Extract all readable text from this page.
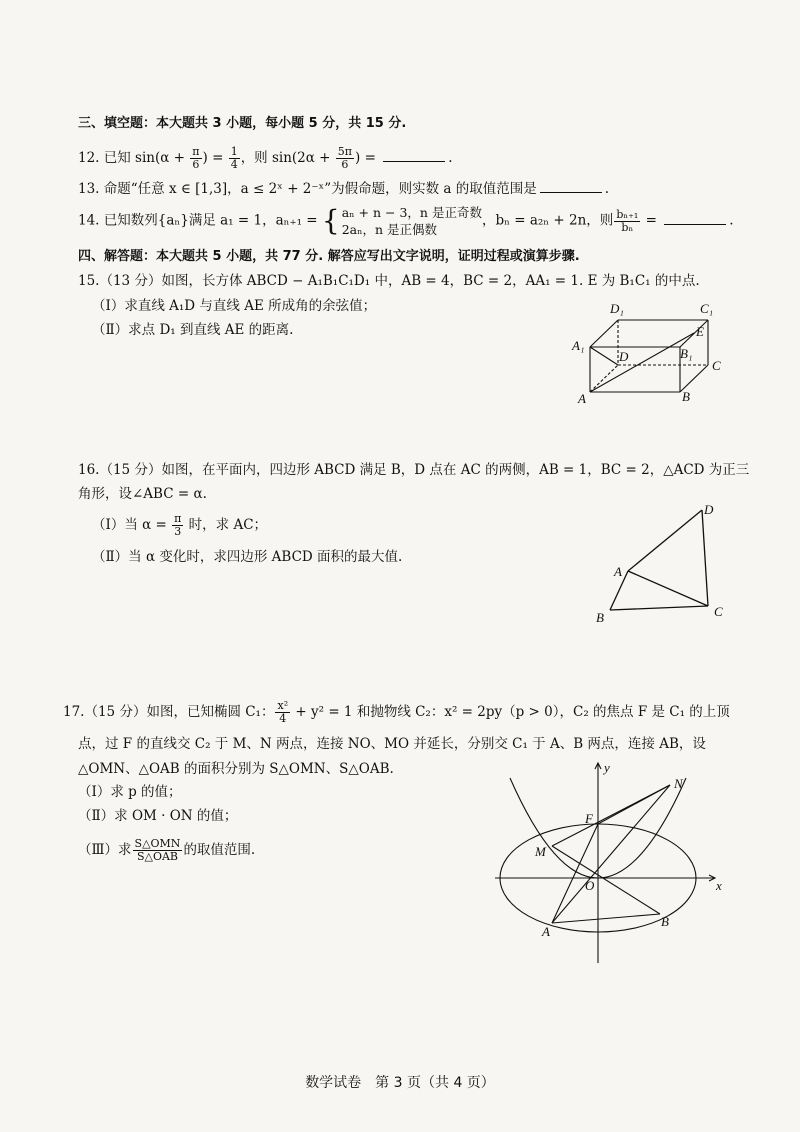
三、填空题：本大题共 3 小题，每小题 5 分，共 15 分.
12. 已知 $\sin(\alpha + \frac{\pi}{6}$ ) = $\frac{1}{4}$ ，则 $\sin(2\alpha + \frac{5\pi}{6}$ ) =	.
13. 命题“任意 x ∈ [1,3]，a ≤ 2ˣ + 2⁻ˣ”为假命题，则实数 a 的取值范围是	.
14. 已知数列{aₙ}满足 a₁ = 1，aₙ₊₁ = { aₙ + n − 3，n 是正奇数
2aₙ，n 是正偶数
，bₙ = a₂ₙ + 2n，则 $\frac{\text{bₙ₊₁}}{\text{bₙ}}$ =	.
四、解答题：本大题共 5 小题，共 77 分. 解答应写出文字说明，证明过程或演算步骤.
15.（13 分）如图，长方体 ABCD − A₁B₁C₁D₁ 中，AB = 4，BC = 2，AA₁ = 1. E 为 B₁C₁ 的中点.
（Ⅰ）求直线 A₁D 与直线 AE 所成角的余弦值；
（Ⅱ）求点 D₁ 到直线 AE 的距离.
D₁	C₁
E
A₁
D	B₁
C
A	B
16.（15 分）如图，在平面内，四边形 ABCD 满足 B，D 点在 AC 的两侧，AB = 1，BC = 2，△ACD 为正三
角形，设∠ABC = α.
（Ⅰ）当 $\alpha = \frac{\pi}{3}$ 时，求 AC；
（Ⅱ）当 α 变化时，求四边形 ABCD 面积的最大值.
D
A
B	C
17.（15 分）如图，已知椭圆 C₁： $\frac{\text{x²}}{4} + y^2 = 1$ 和抛物线 C₂：x² = 2py（p > 0），C₂ 的焦点 F 是 C₁ 的上顶
点，过 F 的直线交 C₂ 于 M、N 两点，连接 NO、MO 并延长，分别交 C₁ 于 A、B 两点，连接 AB，设
△OMN、△OAB 的面积分别为 S△OMN、S△OAB.
（Ⅰ）求 p 的值；
（Ⅱ）求 OM · ON 的值；
（Ⅲ）求 $\frac{\text{S△OMN}}{\text{S△OAB}}$ 的取值范围.
y
N
F
M
O	x
A
B
数学试卷　第 3 页（共 4 页）
